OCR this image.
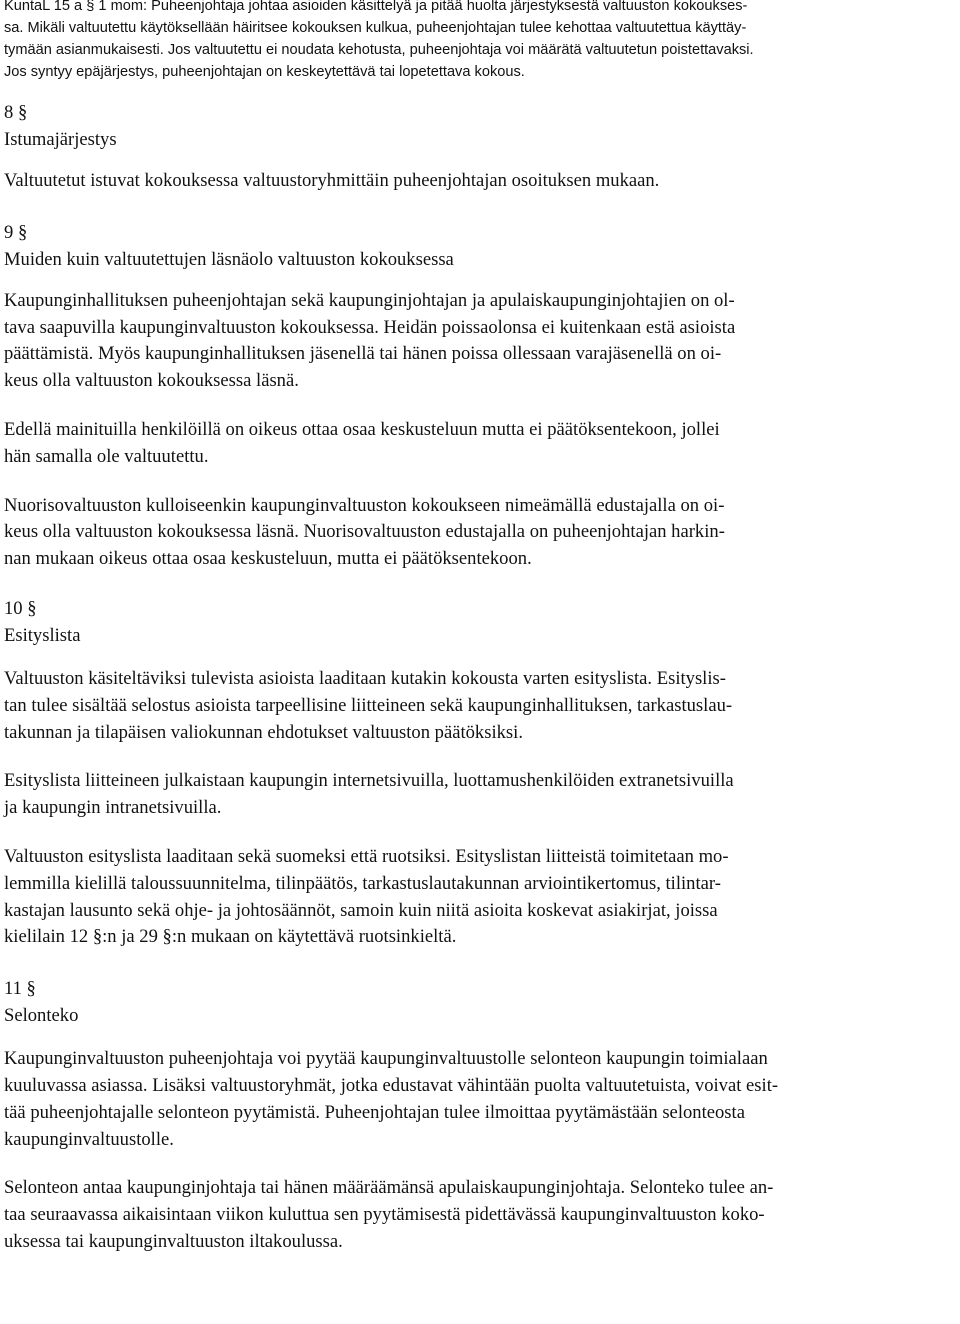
KuntaL 15 a § 1 mom: Puheenjohtaja johtaa asioiden käsittelyä ja pitää huolta järjestyksestä valtuuston kokoukses-
sa. Mikäli valtuutettu käytöksellään häiritsee kokouksen kulkua, puheenjohtajan tulee kehottaa valtuutettua käyttäy-
tymään asianmukaisesti. Jos valtuutettu ei noudata kehotusta, puheenjohtaja voi määrätä valtuutetun poistettavaksi.
Jos syntyy epäjärjestys, puheenjohtajan on keskeytettävä tai lopetettava kokous.
8 §
Istumajärjestys
Valtuutetut istuvat kokouksessa valtuustoryhmittäin puheenjohtajan osoituksen mukaan.
9 §
Muiden kuin valtuutettujen läsnäolo valtuuston kokouksessa
Kaupunginhallituksen puheenjohtajan sekä kaupunginjohtajan ja apulaiskaupunginjohtajien on ol-
tava saapuvilla kaupunginvaltuuston kokouksessa. Heidän poissaolonsa ei kuitenkaan estä asioista
päättämistä. Myös kaupunginhallituksen jäsenellä tai hänen poissa ollessaan varajäsenellä on oi-
keus olla valtuuston kokouksessa läsnä.
Edellä mainituilla henkilöillä on oikeus ottaa osaa keskusteluun mutta ei päätöksentekoon, jollei
hän samalla ole valtuutettu.
Nuorisovaltuuston kulloiseenkin kaupunginvaltuuston kokoukseen nimeämällä edustajalla on oi-
keus olla valtuuston kokouksessa läsnä. Nuorisovaltuuston edustajalla on puheenjohtajan harkin-
nan mukaan oikeus ottaa osaa keskusteluun, mutta ei päätöksentekoon.
10 §
Esityslista
Valtuuston käsiteltäviksi tulevista asioista laaditaan kutakin kokousta varten esityslista. Esityslis-
tan tulee sisältää selostus asioista tarpeellisine liitteineen sekä kaupunginhallituksen, tarkastuslau-
takunnan ja tilapäisen valiokunnan ehdotukset valtuuston päätöksiksi.
Esityslista liitteineen julkaistaan kaupungin internetsivuilla, luottamushenkilöiden extranetsivuilla
ja kaupungin intranetsivuilla.
Valtuuston esityslista laaditaan sekä suomeksi että ruotsiksi. Esityslistan liitteistä toimitetaan mo-
lemmilla kielillä taloussuunnitelma, tilinpäätös, tarkastuslautakunnan arviointikertomus, tilintar-
kastajan lausunto sekä ohje- ja johtosäännöt, samoin kuin niitä asioita koskevat asiakirjat, joissa
kielilain 12 §:n ja 29 §:n mukaan on käytettävä ruotsinkieltä.
11 §
Selonteko
Kaupunginvaltuuston puheenjohtaja voi pyytää kaupunginvaltuustolle selonteon kaupungin toimialaan
kuuluvassa asiassa. Lisäksi valtuustoryhmät, jotka edustavat vähintään puolta valtuutetuista, voivat esit-
tää puheenjohtajalle selonteon pyytämistä. Puheenjohtajan tulee ilmoittaa pyytämästään selonteosta
kaupunginvaltuustolle.
Selonteon antaa kaupunginjohtaja tai hänen määräämänsä apulaiskaupunginjohtaja. Selonteko tulee an-
taa seuraavassa aikaisintaan viikon kuluttua sen pyytämisestä pidettävässä kaupunginvaltuuston koko-
uksessa tai kaupunginvaltuuston iltakoulussa.
